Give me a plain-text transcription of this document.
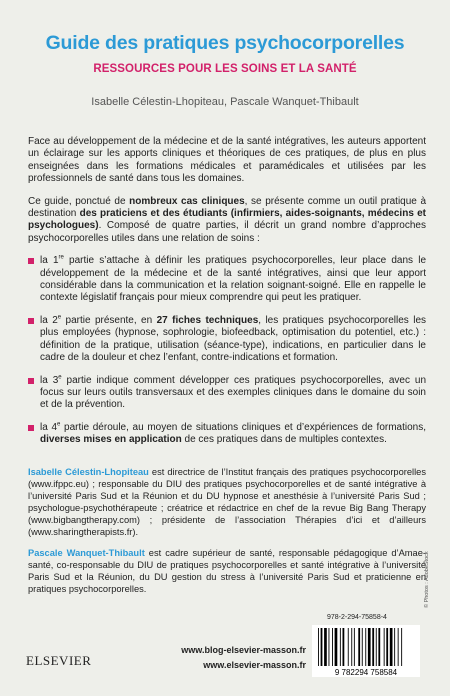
Guide des pratiques psychocorporelles
RESSOURCES POUR LES SOINS ET LA SANTÉ
Isabelle Célestin-Lhopiteau, Pascale Wanquet-Thibault

Face au développement de la médecine et de la santé intégratives, les auteurs apportent un éclairage sur les apports cliniques et théoriques de ces pratiques, de plus en plus enseignées dans les formations médicales et paramédicales et utilisées par les professionnels de santé dans tous les domaines.

Ce guide, ponctué de nombreux cas cliniques, se présente comme un outil pratique à destination des praticiens et des étudiants (infirmiers, aides-soignants, médecins et psychologues). Composé de quatre parties, il décrit un grand nombre d’approches psychocorporelles utiles dans une relation de soins :

la 1re partie s’attache à définir les pratiques psychocorporelles, leur place dans le développement de la médecine et de la santé intégratives, ainsi que leur apport considérable dans la communication et la relation soignant-soigné. Elle en rappelle le contexte législatif français pour mieux comprendre qui peut les pratiquer.
la 2e partie présente, en 27 fiches techniques, les pratiques psychocorporelles les plus employées (hypnose, sophrologie, biofeedback, optimisation du potentiel, etc.) : définition de la pratique, utilisation (séance-type), indications, en particulier dans le cadre de la douleur et chez l’enfant, contre-indications et formation.
la 3e partie indique comment développer ces pratiques psychocorporelles, avec un focus sur leurs outils transversaux et des exemples cliniques dans le domaine du soin et de la prévention.
la 4e partie déroule, au moyen de situations cliniques et d’expériences de formations, diverses mises en application de ces pratiques dans de multiples contextes.

Isabelle Célestin-Lhopiteau est directrice de l’Institut français des pratiques psychocorporelles (www.ifppc.eu) ; responsable du DIU des pratiques psychocorporelles et de santé intégrative à l’université Paris Sud et la Réunion et du DU hypnose et anesthésie à l’université Paris Sud ; psychologue-psychothérapeute ; créatrice et rédactrice en chef de la revue Big Bang Therapy (www.bigbangtherapy.com) ; présidente de l’association Thérapies d’ici et d’ailleurs (www.sharingtherapists.fr).

Pascale Wanquet-Thibault est cadre supérieur de santé, responsable pédagogique d’Amae-santé, co-responsable du DIU de pratiques psychocorporelles et santé intégrative à l’université Paris Sud et la Réunion, du DU gestion du stress à l’université Paris Sud et praticienne en pratiques psychocorporelles.

ELSEVIER
www.blog-elsevier-masson.fr
www.elsevier-masson.fr
978-2-294-75858-4
9 782294 758584
© Photos : AdobeStock
